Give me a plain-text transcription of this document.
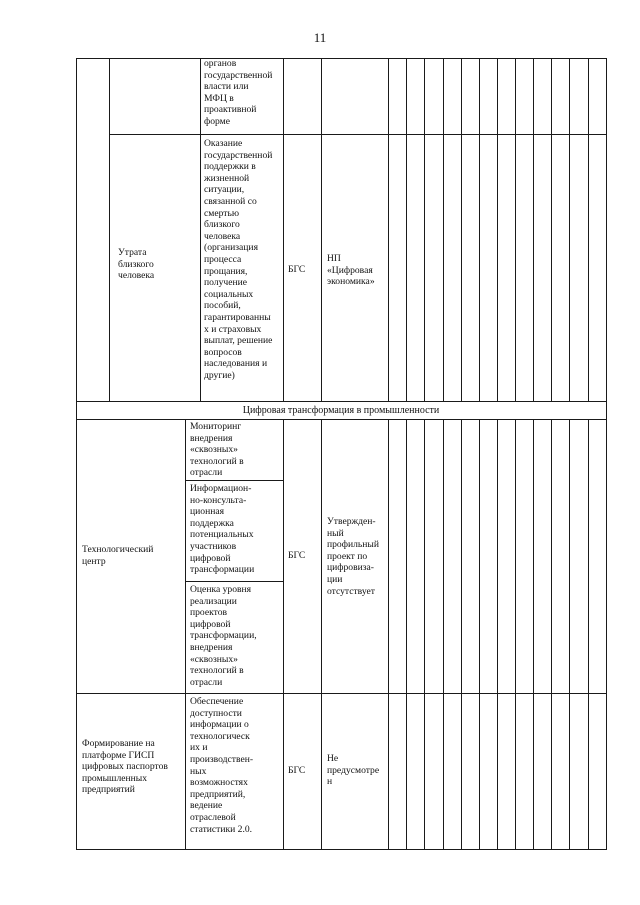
11
органов
государственной
власти или
МФЦ в
проактивной
форме
Утрата
близкого
человека
Оказание
государственной
поддержки в
жизненной
ситуации,
связанной со
смертью
близкого
человека
(организация
процесса
прощания,
получение
социальных
пособий,
гарантированны
х и страховых
выплат, решение
вопросов
наследования и
другие)
БГС
НП
«Цифровая
экономика»
Цифровая трансформация в промышленности
Технологический
центр
Мониторинг
внедрения
«сквозных»
технологий в
отрасли
Информацион-
но-консульта-
ционная
поддержка
потенциальных
участников
цифровой
трансформации
Оценка уровня
реализации
проектов
цифровой
трансформации,
внедрения
«сквозных»
технологий в
отрасли
БГС
Утвержден-
ный
профильный
проект по
цифровиза-
ции
отсутствует
Формирование на
платформе ГИСП
цифровых паспортов
промышленных
предприятий
Обеспечение
доступности
информации о
технологическ
их и
производствен-
ных
возможностях
предприятий,
ведение
отраслевой
статистики 2.0.
БГС
Не
предусмотре
н
